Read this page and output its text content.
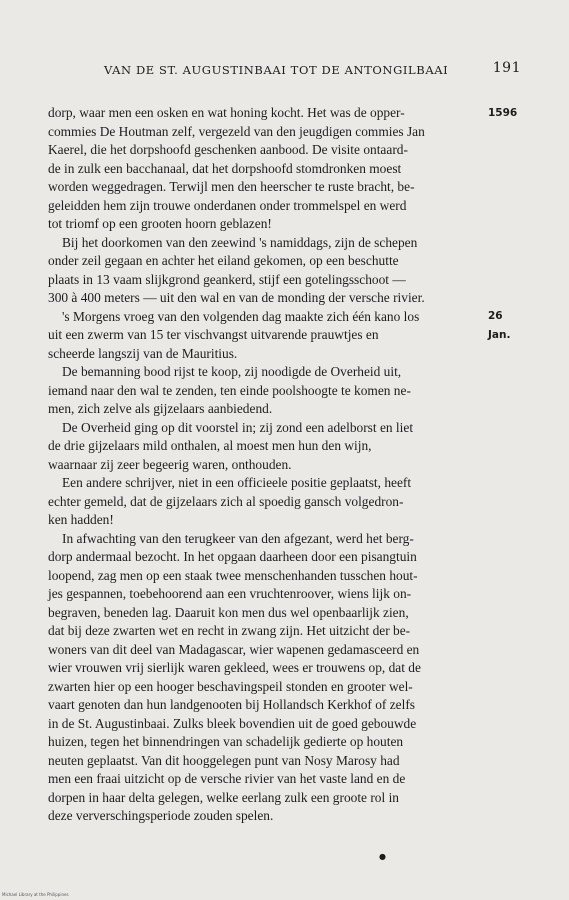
VAN DE ST. AUGUSTINBAAI TOT DE ANTONGILBAAI	191
1596
26 Jan.
dorp, waar men een osken en wat honing kocht. Het was de opper-
commies De Houtman zelf, vergezeld van den jeugdigen commies Jan
Kaerel, die het dorpshoofd geschenken aanbood. De visite ontaard-
de in zulk een bacchanaal, dat het dorpshoofd stomdronken moest
worden weggedragen. Terwijl men den heerscher te ruste bracht, be-
geleidden hem zijn trouwe onderdanen onder trommelspel en werd
tot triomf op een grooten hoorn geblazen!
Bij het doorkomen van den zeewind 's namiddags, zijn de schepen
onder zeil gegaan en achter het eiland gekomen, op een beschutte
plaats in 13 vaam slijkgrond geankerd, stijf een gotelingsschoot —
300 à 400 meters — uit den wal en van de monding der versche rivier.
's Morgens vroeg van den volgenden dag maakte zich één kano los
uit een zwerm van 15 ter vischvangst uitvarende prauwtjes en
scheerde langszij van de Mauritius.
De bemanning bood rijst te koop, zij noodigde de Overheid uit,
iemand naar den wal te zenden, ten einde poolshoogte te komen ne-
men, zich zelve als gijzelaars aanbiedend.
De Overheid ging op dit voorstel in; zij zond een adelborst en liet
de drie gijzelaars mild onthalen, al moest men hun den wijn,
waarnaar zij zeer begeerig waren, onthouden.
Een andere schrijver, niet in een officieele positie geplaatst, heeft
echter gemeld, dat de gijzelaars zich al spoedig gansch volgedron-
ken hadden!
In afwachting van den terugkeer van den afgezant, werd het berg-
dorp andermaal bezocht. In het opgaan daarheen door een pisangtuin
loopend, zag men op een staak twee menschenhanden tusschen hout-
jes gespannen, toebehoorend aan een vruchtenroover, wiens lijk on-
begraven, beneden lag. Daaruit kon men dus wel openbaarlijk zien,
dat bij deze zwarten wet en recht in zwang zijn. Het uitzicht der be-
woners van dit deel van Madagascar, wier wapenen gedamasceerd en
wier vrouwen vrij sierlijk waren gekleed, wees er trouwens op, dat de
zwarten hier op een hooger beschavingspeil stonden en grooter wel-
vaart genoten dan hun landgenooten bij Hollandsch Kerkhof of zelfs
in de St. Augustinbaai. Zulks bleek bovendien uit de goed gebouwde
huizen, tegen het binnendringen van schadelijk gedierte op houten
neuten geplaatst. Van dit hooggelegen punt van Nosy Marosy had
men een fraai uitzicht op de versche rivier van het vaste land en de
dorpen in haar delta gelegen, welke eerlang zulk een groote rol in
deze ververschingsperiode zouden spelen.
●
Michael Library at the Philippines
